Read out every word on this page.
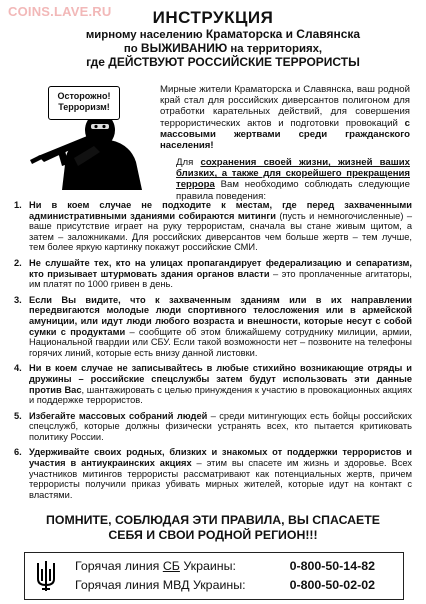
COINS.LAVE.RU	ИНСТРУКЦИЯ
мирному населению Краматорска и Славянска
по ВЫЖИВАНИЮ на территориях,
где ДЕЙСТВУЮТ РОССИЙСКИЕ ТЕРРОРИСТЫ
Осторожно!
Терроризм!
Мирные жители Краматорска и Славянска, ваш родной край стал для российских диверсантов полигоном для отработки карательных действий, для совершения террористических актов и подготовки провокаций с массовыми жертвами среди гражданского населения!
Для сохранения своей жизни, жизней ваших близких, а также для скорейшего прекращения террора Вам необходимо соблюдать следующие правила поведения:
1. Ни в коем случае не подходите к местам, где перед захваченными административными зданиями собираются митинги (пусть и немногочисленные) – ваше присутствие играет на руку террористам, сначала вы стане живым щитом, а затем – заложниками. Для российских диверсантов чем больше жертв – тем лучше, тем более яркую картинку покажут российские СМИ.
2. Не слушайте тех, кто на улицах пропагандирует федерализацию и сепаратизм, кто призывает штурмовать здания органов власти – это проплаченные агитаторы, им платят по 1000 гривен в день.
3. Если Вы видите, что к захваченным зданиям или в их направлении передвигаются молодые люди спортивного телосложения или в армейской амуниции, или идут люди любого возраста и внешности, которые несут с собой сумки с продуктами – сообщите об этом ближайшему сотруднику милиции, армии, Национальной гвардии или СБУ. Если такой возможности нет – позвоните на телефоны горячих линий, которые есть внизу данной листовки.
4. Ни в коем случае не записывайтесь в любые стихийно возникающие отряды и дружины – российские спецслужбы затем будут использовать эти данные против Вас, шантажировать с целью принуждения к участию в провокационных акциях и поддержке террористов.
5. Избегайте массовых собраний людей – среди митингующих есть бойцы российских спецслужб, которые должны физически устранять всех, кто пытается критиковать политику России.
6. Удерживайте своих родных, близких и знакомых от поддержки террористов и участия в антиукраинских акциях – этим вы спасете им жизнь и здоровье. Всех участников митингов террористы рассматривают как потенциальных жертв, причем террористы получили приказ убивать мирных жителей, которые идут на контакт с властями.
ПОМНИТЕ, СОБЛЮДАЯ ЭТИ ПРАВИЛА, ВЫ СПАСАЕТЕ
СЕБЯ И СВОИ РОДНОЙ РЕГИОН!!!
Горячая линия СБ Украины:	0-800-50-14-82
Горячая линия МВД Украины:	0-800-50-02-02
